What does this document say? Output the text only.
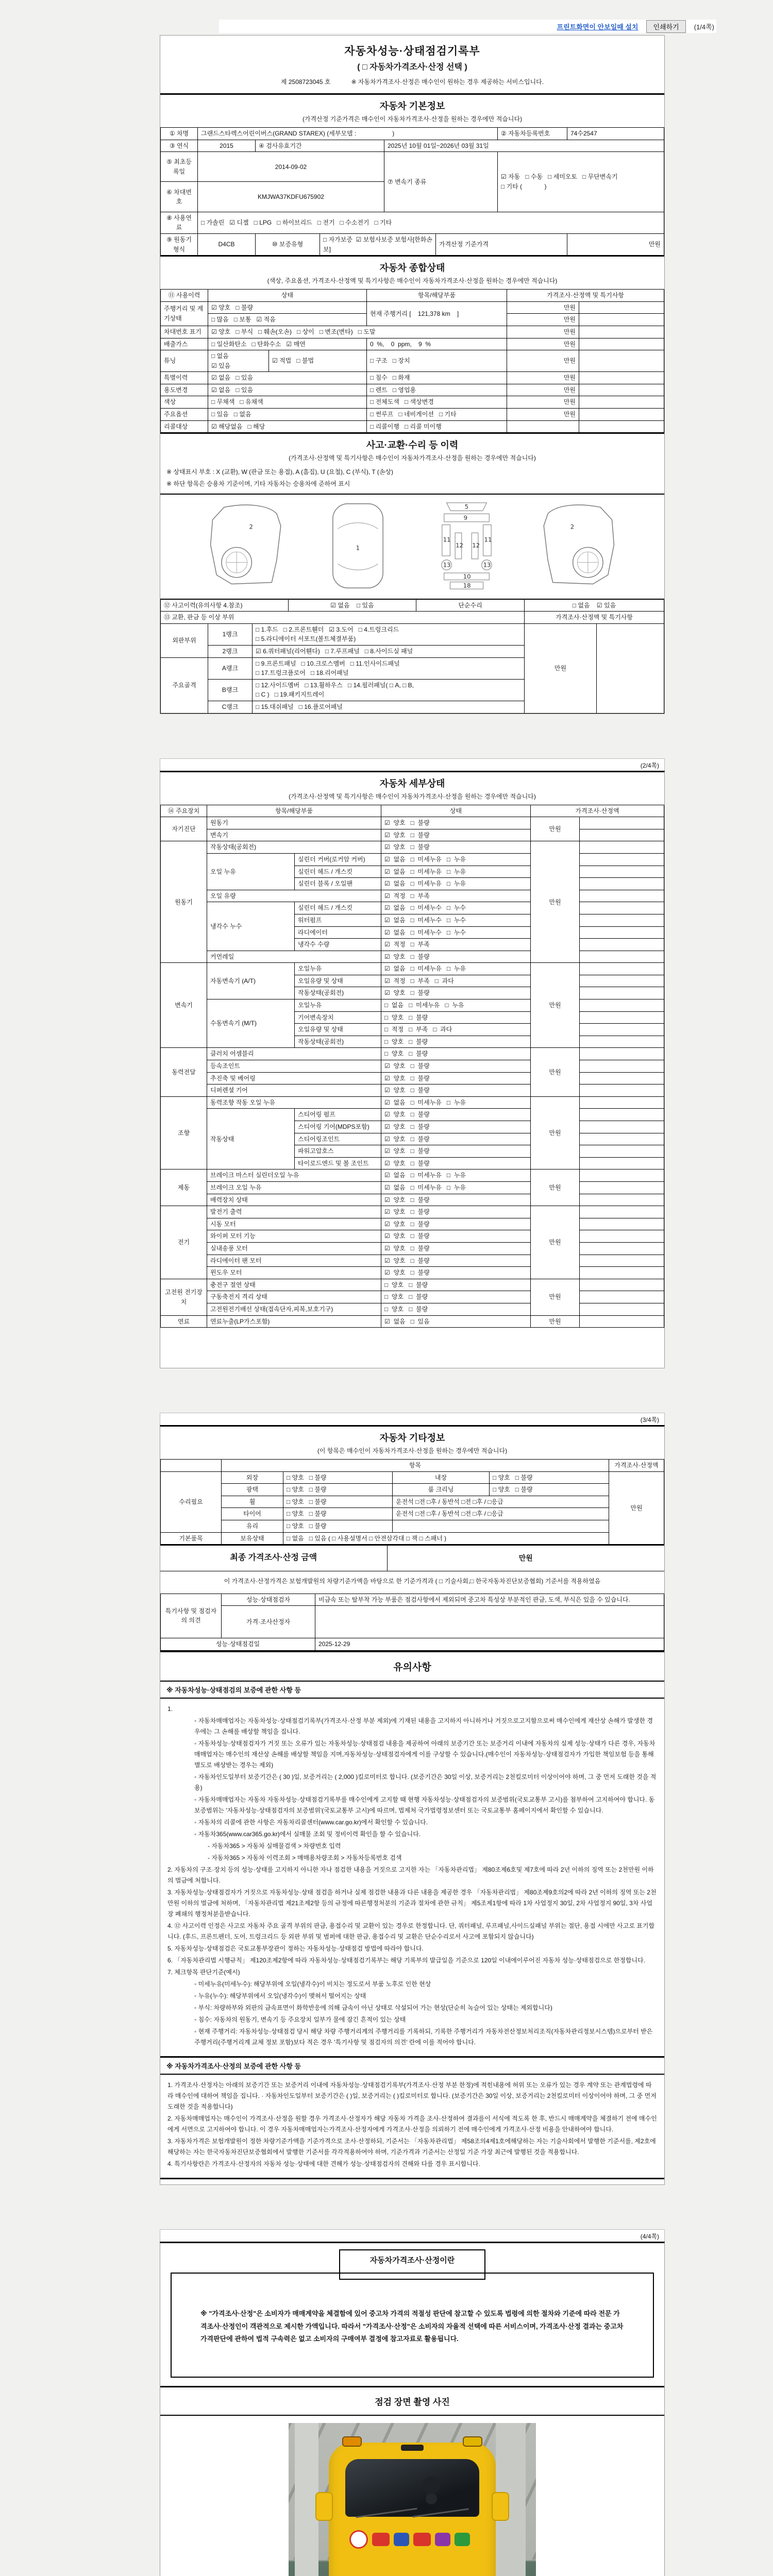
프린트화면이 안보일때 설치	인쇄하기	(1/4쪽)
자동차성능·상태점검기록부
( □ 자동차가격조사·산정 선택 )
제 2508723045 호	※ 자동차가격조사·산정은 매수인이 원하는 경우 제공하는 서비스입니다.
자동차 기본정보
(가격산정 기준가격은 매수인이 자동차가격조사·산정을 원하는 경우에만 적습니다)
① 차명	그랜드스타렉스어린이버스(GRAND STAREX) (세부모델 :                     )					② 자동차등록번호	74수2547
③ 연식	2015	④ 검사유효기간		2025년 10월 01일~2026년 03월 31일			
⑤ 최초등록일	2014-09-02			⑦ 변속기 종류		☑ 자동   □ 수동   □ 세미오토   □ 무단변속기
□ 기타 (             )	

⑥ 차대번호	KMJWA37KDFU675902						
⑧ 사용연료	□ 가솔린   ☑ 디젤   □ LPG   □ 하이브리드   □ 전기   □ 수소전기   □ 기타						
⑨ 원동기형식	D4CB	⑩ 보증유형	□ 자가보증  ☑ 보험사보증 보험사[한화손보]		가격산정 기준가격		만원
자동차 종합상태
(색상, 주요옵션, 가격조사·산정액 및 특기사항은 매수인이 자동차가격조사·산정을 원하는 경우에만 적습니다)
⑪ 사용이력	상태		항목/해당부품	가격조사·산정액 및 특기사항	
주행거리 및 계기상태	☑ 양호   □ 불량		현재 주행거리 [    121,378 km    ]	만원	
	□ 많음   □ 보통   ☑ 적음			만원	
차대번호 표기	☑ 양호   □ 부식   □ 훼손(오손)   □ 상이   □ 변조(변타)   □ 도말			만원	
배출가스	□ 일산화탄소   □ 탄화수소   ☑ 매연		0  %,    0  ppm,    9  %	만원	
튜닝	□ 없음
☑ 있음	☑ 적법   □ 불법	□ 구조   □ 장치	만원	
특별이력	☑ 없음   □ 있음		□ 침수   □ 화재	만원	
용도변경	☑ 없음   □ 있음		□ 렌트   □ 영업용	만원	
색상	□ 무채색   □ 유채색		□ 전체도색   □ 색상변경	만원	
주요옵션	□ 있음   □ 없음		□ 썬루프   □ 네비게이션   □ 기타	만원	
리콜대상	☑ 해당없음   □ 해당		□ 리콜이행   □ 리콜 미이행		
사고·교환·수리 등 이력
(가격조사·산정액 및 특기사항은 매수인이 자동차가격조사·산정을 원하는 경우에만 적습니다)
※ 상태표시 부호 : X (교환), W (판금 또는 용접), A (흠집), U (요철), C (부식), T (손상)
※ 하단 항목은 승용차 기준이며, 기타 자동차는 승용차에 준하여 표시
2
1
5
9
11	11
12 12
13	13
10
18
2
⑫ 사고이력(유의사항 4.참조)	☑ 없음    □ 있음	단순수리	□ 없음    ☑ 있음
⑬ 교환, 판금 등 이상 부위	가격조사·산정액 및 특기사항
외판부위	1랭크	□ 1.후드   □ 2.프론트휀더   ☑ 3.도어   □ 4.트렁크리드
□ 5.라디에이터 서포트(볼트체결부품)	만원	
	2랭크	☑ 6.쿼터패널(리어휀다)   □ 7.루프패널   □ 8.사이드실 패널		
주요골격	A랭크	□ 9.프론트패널   □ 10.크로스멤버   □ 11.인사이드패널
□ 17.트렁크플로어   □ 18.리어패널		

	B랭크	□ 12.사이드멤버   □ 13.휠하우스   □ 14.필러패널( □ A, □ B,
□ C )   □ 19.패키지트레이		

	C랭크	□ 15.대쉬패널   □ 16.플로어패널		
(2/4쪽)
자동차 세부상태
(가격조사·산정액 및 특기사항은 매수인이 자동차가격조사·산정을 원하는 경우에만 적습니다)
⑭ 주요장치	항목/해당부품		상태	가격조사·산정액	
자기진단	원동기		☑  양호   □  불량	만원	
	변속기		☑  양호   □  불량		
원동기	작동상태(공회전)		☑  양호   □  불량	만원	
	오일 누유	실린더 커버(로커암 커버)	☑  없음   □  미세누유   □  누유		
		실린더 헤드 / 개스킷	☑  없음   □  미세누유   □  누유		
		실린더 블록 / 오일팬	☑  없음   □  미세누유   □  누유		
	오일 유량		☑  적정   □  부족		
	냉각수 누수	실린더 헤드 / 개스킷	☑  없음   □  미세누수   □  누수		
		워터펌프	☑  없음   □  미세누수   □  누수		
		라디에이터	☑  없음   □  미세누수   □  누수		
		냉각수 수량	☑  적정   □  부족		
	커먼레일		☑  양호   □  불량		
변속기	자동변속기 (A/T)	오일누유	☑  없음   □  미세누유   □  누유	만원	
		오일유량 및 상태	☑  적정   □  부족   □  과다		
		작동상태(공회전)	☑  양호   □  불량		
	수동변속기 (M/T)	오일누유	□  없음   □  미세누유   □  누유		
		기어변속장치	□  양호   □  불량		
		오일유량 및 상태	□  적정   □  부족   □  과다		
		작동상태(공회전)	□  양호   □  불량		
동력전달	클러치 어셈블리		□  양호   □  불량	만원	
	등속조인트		☑  양호   □  불량		
	추진축 및 베어링		☑  양호   □  불량		
	디퍼렌셜 기어		☑  양호   □  불량		
조향	동력조향 작동 오일 누유		☑  없음   □  미세누유   □  누유	만원	
	작동상태	스티어링 펌프	☑  양호   □  불량		
		스티어링 기어(MDPS포함)	☑  양호   □  불량		
		스티어링조인트	☑  양호   □  불량		
		파워고압호스	☑  양호   □  불량		
		타이로드엔드 및 볼 조인트	☑  양호   □  불량		
제동	브레이크 마스터 실린더오일 누유		☑  없음   □  미세누유   □  누유	만원	
	브레이크 오일 누유		☑  없음   □  미세누유   □  누유		
	배력장치 상태		☑  양호   □  불량		
전기	발전기 출력		☑  양호   □  불량	만원	
	시동 모터		☑  양호   □  불량		
	와이퍼 모터 기능		☑  양호   □  불량		
	실내송풍 모터		☑  양호   □  불량		
	라디에이터 팬 모터		☑  양호   □  불량		
	윈도우 모터		☑  양호   □  불량		
고전원 전기장치	충전구 절연 상태		□  양호   □  불량	만원	
	구동축전지 격리 상태		□  양호   □  불량		
	고전원전기배선 상태(접속단자,피복,보호기구)		□  양호   □  불량		
연료	연료누출(LP가스포함)		☑  없음   □  있음	만원	
(3/4쪽)
자동차 기타정보
(이 항목은 매수인이 자동차가격조사·산정을 원하는 경우에만 적습니다)
	항목				가격조사·산정액
수리필요	외장	□ 양호   □ 불량	내장	□ 양호   □ 불량	만원
	광택	□ 양호   □ 불량	룸 크리닝	□ 양호   □ 불량	
	휠	□ 양호   □ 불량	운전석 □전 □후 / 동반석 □전 □후 / □응급		
	타이어	□ 양호   □ 불량	운전석 □전 □후 / 동반석 □전 □후 / □응급		
	유리	□ 양호   □ 불량			
기본품목	보유상태	□ 없음   □ 있음 ( □ 사용설명서 □ 안전삼각대 □ 잭 □ 스패너 )			
최종 가격조사·산정 금액	만원
이 가격조사·산정가격은 보험개발원의 차량기준가액을 바탕으로 한 기준가격과 ( □ 기술사회,□ 한국자동차진단보증협회) 기준서를 적용하였음
특기사항 및 점검자의 의견	성능·상태점검자	비금속 또는 탈부착 가능 부품은 점검사항에서 제외되며 중고차 특성상 부분적인 판금, 도색, 부식은 있을 수 있습니다.
	가격·조사산정자	
성능·상태점검일		2025-12-29
유의사항
※ 자동차성능·상태점검의 보증에 관한 사항 등
1.
◦ 자동차매매업자는 자동차성능·상태점검기록부(가격조사·산정 부분 제외)에 기재된 내용을 고지하지 아니하거나 거짓으로고지함으로써 매수인에게 재산상 손해가 발생한 경우에는 그 손해를 배상할 책임을 집니다.
◦ 자동차성능·상태점검자가 거짓 또는 오류가 있는 자동차성능·상태점검 내용을 제공하여 아래의 보증기간 또는 보증거리 이내에 자동차의 실제 성능·상태가 다른 경우, 자동차매매업자는 매수인의 재산상 손해를 배상할 책임을 지며,자동차성능·상태점검자에게 이를 구상할 수 있습니다.(매수인이 자동차성능·상태점검자가 가입한 책임보험 등을 통해별도로 배상받는 경우는 제외)
◦ 자동차인도일부터 보증기간은 ( 30 )일, 보증거리는 ( 2,000 )킬로미터로 합니다. (보증기간은 30일 이상, 보증거리는 2천킬로미터 이상이어야 하며, 그 중 먼저 도래한 것을 적용)
◦ 자동차매매업자는 자동차 자동차성능·상태점검기록부를 매수인에게 고지할 때 현행 자동차성능·상태점검자의 보증범위(국토교통부 고시)를 첨부하여 고지하여야 합니다. 동 보증범위는 '자동차성능·상태점검자의 보증범위'(국토교통부 고시)에 따르며, 법제처 국가법령정보센터 또는 국토교통부 홈페이지에서 확인할 수 있습니다.
◦ 자동차의 리콜에 관한 사항은 자동차리콜센터(www.car.go.kr)에서 확인할 수 있습니다.
◦ 자동차365(www.car365.go.kr)에서 실매물 조회 및 정비이력 확인을 할 수 있습니다.
- 자동차365 > 자동차 실매물검색 > 차량번호 입력
- 자동차365 > 자동차 이력조회 > 매매용차량조회 > 자동차등록번호 검색
2. 자동차의 구조·장치 등의 성능·상태를 고지하지 아니한 자나 점검한 내용을 거짓으로 고지한 자는 「자동차관리법」 제80조제6호및 제7호에 따라 2년 이하의 징역 또는 2천만원 이하의 벌금에 처합니다.
3. 자동차성능·상태점검자가 거짓으로 자동차성능·상태 점검을 하거나 실제 점검한 내용과 다른 내용을 제공한 경우 「자동차관리법」 제80조제9호의2에 따라 2년 이하의 징역 또는 2천만원 이하의 벌금에 처하며, 「자동차관리법 제21조제2항 등의 규정에 따른행정처분의 기준과 절차에 관한 규칙」 제5조제1항에 따라 1차 사업정지 30일, 2차 사업정지 90일, 3차 사업장 폐쇄의 행정처분을받습니다.
4. ⑫ 사고이력 인정은 사고로 자동차 주요 골격 부위의 판금, 용접수리 및 교환이 있는 경우로 한정합니다. 단, 쿼터패널, 루프패널,사이드실패널 부위는 절단, 용접 시에만 사고로 표기합니다. (후드, 프론트펜더, 도어, 트렁크리드 등 외판 부위 및 범퍼에 대한 판금, 용접수리 및 교환은 단순수리로서 사고에 포함되지 않습니다)
5. 자동차성능·상태점검은 국토교통부장관이 정하는 자동차성능·상태점검 방법에 따라야 합니다.
6. 「자동차관리법 시행규칙」 제120조제2항에 따라 자동차성능·상태점검기록부는 해당 기록부의 발급일을 기준으로 120일 이내에이루어진 자동차 성능·상태점검으로 한정합니다.
7. 체크항목 판단기준(예시)
◦ 미세누유(미세누수): 해당부위에 오일(냉각수)이 비치는 정도로서 부품 노후로 인한 현상
◦ 누유(누수): 해당부위에서 오일(냉각수)이 맺혀서 떨어지는 상태
◦ 부식: 차량하부와 외판의 금속표면이 화학반응에 의해 금속이 아닌 상태로 삭설되어 가는 현상(단순히 녹슬어 있는 상태는 제외합니다)
◦ 침수: 자동차의 원동기, 변속기 등 주요장치 일부가 물에 잠긴 흔적이 있는 상태
◦ 현재 주행거리: 자동차성능·상태점검 당시 해당 차량 주행거리계의 주행거리를 기록하되, 기록한 주행거리가 자동차전산정보처리조직(자동차관리정보시스템)으로부터 받은 주행거리(주행거리계 교체 정보 포함)보다 적은 경우 '특기사항 및 점검자의 의견' 란에 이를 적어야 합니다.
※ 자동차가격조사·산정의 보증에 관한 사항 등
1. 가격조사·산정자는 아래의 보증기간 또는 보증거리 이내에 자동차성능·상태점검기록부(가격조사·산정 부분 한정)에 적힌내용에 허위 또는 오류가 있는 경우 계약 또는 관계법령에 따라 매수인에 대하여 책임을 집니다. · 자동차인도일부터 보증기간은 ( )일, 보증거리는 ( )킬로미터로 합니다. (보증기간은 30일 이상, 보증거리는 2천킬로미터 이상이어야 하며, 그 중 먼저 도래한 것을 적용합니다)
2. 자동차매매업자는 매수인이 가격조사·산정을 원할 경우 가격조사·산정자가 해당 자동차 가격을 조사·산정하여 결과를이 서식에 적도록 한 후, 반드시 매매계약을 체결하기 전에 매수인에게 서면으로 고지하여야 합니다. 이 경우 자동차매매업자는가격조사·산정자에게 가격조사·산정을 의뢰하기 전에 매수인에게 가격조사·산정 비용을 안내하여야 합니다.
3. 자동차가격은 보험개발원이 정한 차량기준가액을 기준가격으로 조사·산정하되, 기준서는 「자동차관리법」 제58조의4제1호에해당하는 자는 기술사회에서 발행한 기준서를, 제2호에 해당하는 자는 한국자동차진단보증협회에서 발행한 기준서를 각각적용하여야 하며, 기준가격과 기준서는 산정일 기준 가장 최근에 발행된 것을 적용합니다.
4. 특기사항란은 가격조사·산정자의 자동차 성능·상태에 대한 견해가 성능·상태점검자의 견해와 다를 경우 표시합니다.
(4/4쪽)
자동차가격조사·산정이란
※ "가격조사·산정"은 소비자가 매매계약을 체결함에 있어 중고차 가격의 적절성 판단에 참고할 수 있도록 법령에 의한 절차와 기준에 따라 전문 가격조사·산정인이 객관적으로 제시한 가액입니다. 따라서 "가격조사·산정"은 소비자의 자율적 선택에 따른 서비스이며, 가격조사·산정 결과는 중고차 가격판단에 관하여 법적 구속력은 없고 소비자의 구매여부 결정에 참고자료로 활용됩니다.
점검 장면 촬영 사진
